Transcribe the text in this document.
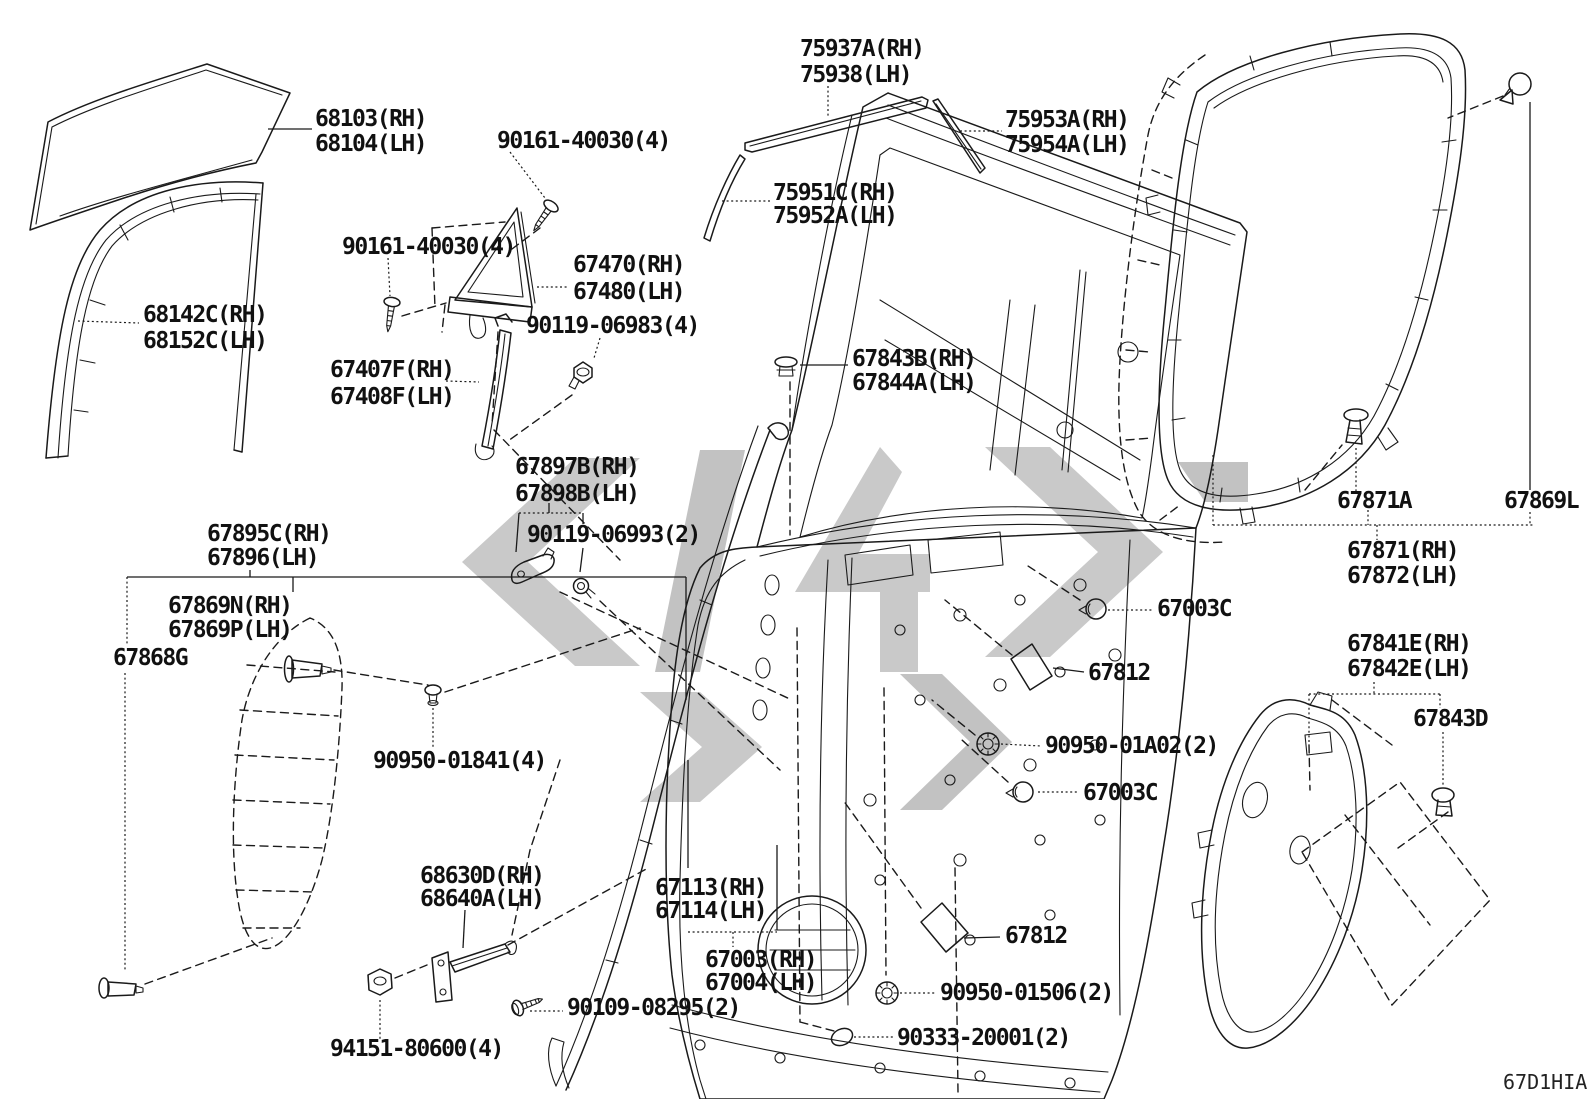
75937A(RH)
75938(LH)
75953A(RH)
75954A(LH)
75951C(RH)
75952A(LH)
68103(RH)
68104(LH)	90161-40030(4)
90161-40030(4)
67470(RH)
67480(LH)
68142C(RH)
68152C(LH)
90119-06983(4)
67407F(RH)
67408F(LH)
67843B(RH)
67844A(LH)
67897B(RH)
67898B(LH)
90119-06993(2)
67895C(RH)
67896(LH)
67869N(RH)
67869P(LH)
67868G
90950-01841(4)
67871A	67869L
67871(RH)
67872(LH)
67003C
67812
90950-01A02(2)
67003C
67841E(RH)
67842E(LH)
67843D
68630D(RH)
68640A(LH)	67113(RH)
67114(LH)
67003(RH)
67004(LH)
90109-08295(2)
94151-80600(4)
90950-01506(2)
90333-20001(2)
67812
67D1HIA
